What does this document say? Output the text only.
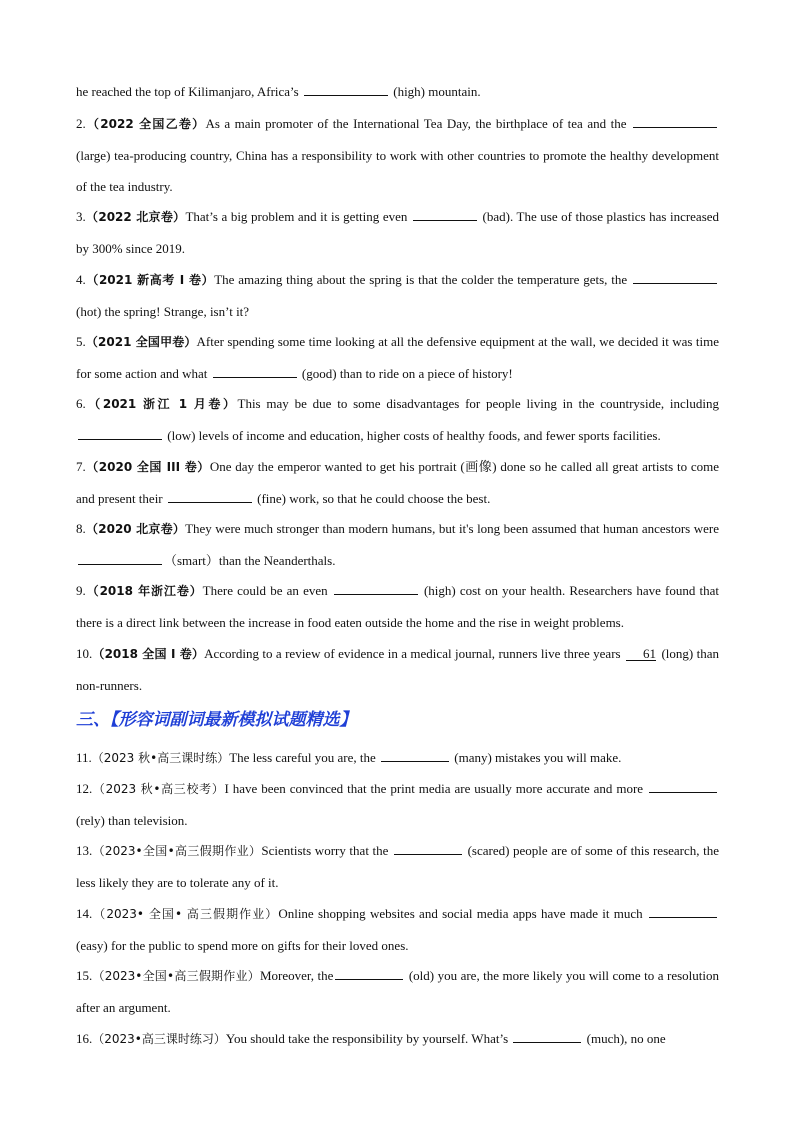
he reached the top of Kilimanjaro, Africa’s	(high) mountain.

2.（2022 全国乙卷）As a main promoter of the International Tea Day, the birthplace of tea and the  (large) tea-producing country, China has a responsibility to work with other countries to promote the healthy development of the tea industry.

3.（2022 北京卷）That’s a big problem and it is getting even	(bad). The use of those plastics has increased by 300% since 2019.

4.（2021 新高考 I 卷）The amazing thing about the spring is that the colder the temperature gets, the  (hot) the spring! Strange, isn’t it?

5.（2021 全国甲卷）After spending some time looking at all the defensive equipment at the wall, we decided it was time for some action and what	(good) than to ride on a piece of history!

6.（2021 浙江 1 月卷）This may be due to some disadvantages for people living in the countryside, including  (low) levels of income and education, higher costs of healthy foods, and fewer sports facilities.

7.（2020 全国 III 卷）One day the emperor wanted to get his portrait (画像) done so he called all great artists to come and present their	(fine) work, so that he could choose the best.

8.（2020 北京卷）They were much stronger than modern humans, but it's long been assumed that human ancestors were（smart）than the Neanderthals.

9.（2018 年浙江卷）There could be an even	(high) cost on your health. Researchers have found that there is a direct link between the increase in food eaten outside the home and the rise in weight problems.

10.（2018 全国 I 卷）According to a review of evidence in a medical journal, runners live three years 61 (long) than non-runners.

三、【形容词副词最新模拟试题精选】

11.（2023 秋•高三课时练）The less careful you are, the	(many) mistakes you will make.

12.（2023 秋•高三校考）I have been convinced that the print media are usually more accurate and more  (rely) than television.

13.（2023•全国•高三假期作业）Scientists worry that the	(scared) people are of some of this research, the less likely they are to tolerate any of it.

14.（2023• 全国• 高三假期作业）Online shopping websites and social media apps have made it much  (easy) for the public to spend more on gifts for their loved ones.

15.（2023•全国•高三假期作业）Moreover, the	(old) you are, the more likely you will come to a resolution after an argument.

16.（2023•高三课时练习）You should take the responsibility by yourself. What’s	(much), no one
